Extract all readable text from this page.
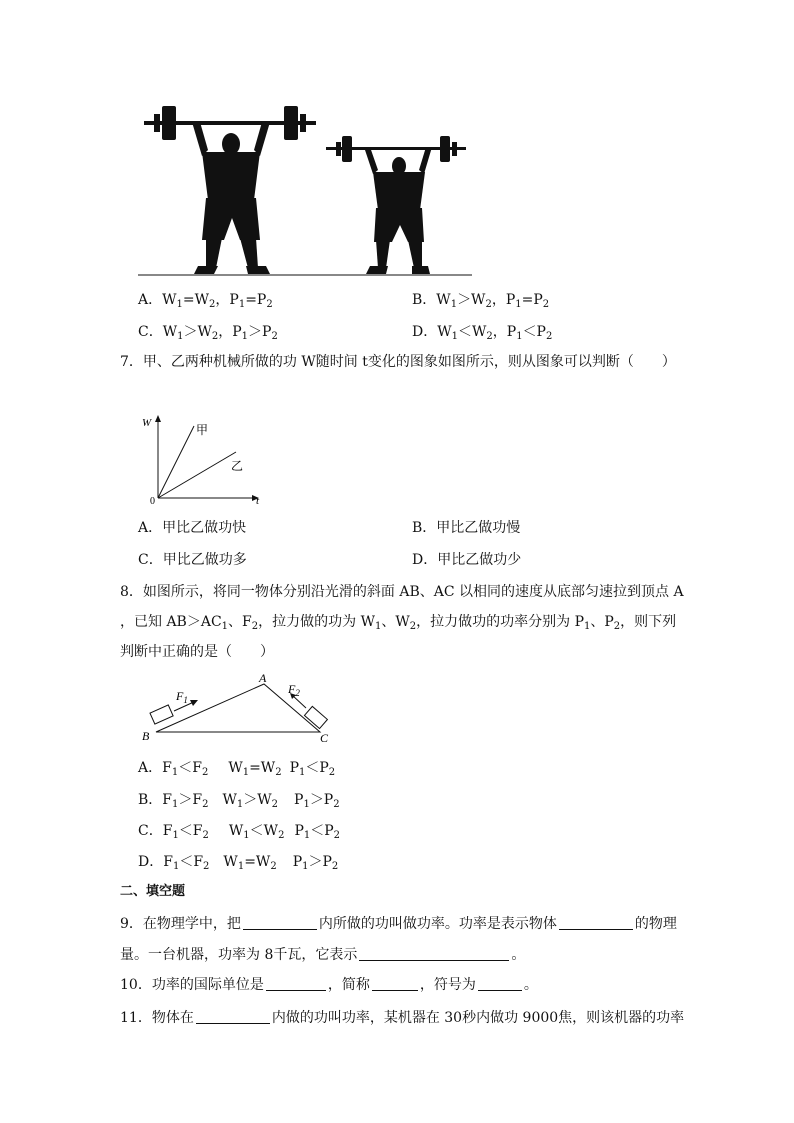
A．$W_1=W_2$，$P_1=P_2$	B．$W_1>W_2$，$P_1=P_2$
C．$W_1>W_2$，$P_1>P_2$	D．$W_1<W_2$，$P_1<P_2$
7．甲、乙两种机械所做的功 W随时间 t变化的图象如图所示，则从图象可以判断（　　）
W
t
0
甲
乙
A．甲比乙做功快	B．甲比乙做功慢
C．甲比乙做功多	D．甲比乙做功少
8．如图所示，将同一物体分别沿光滑的斜面 AB、AC 以相同的速度从底部匀速拉到顶点 A
，已知 $AB>AC_1$、$F_2$，拉力做的功为 $W_1$、$W_2$，拉力做功的功率分别为 $P_1$、$P_2$，则下列
判断中正确的是（　　）
$F_1$
$F_2$
A
B	C
A．$F_1<F_2$ $W_1=W_2$ $P_1<P_2$
B．$F_1>F_2$ $W_1>W_2$ $P_1>P_2$
C．$F_1<F_2$ $W_1<W_2$ $P_1<P_2$
D．$F_1<F_2$ $W_1=W_2$ $P_1>P_2$
二、填空题
9．在物理学中，把	内所做的功叫做功率。功率是表示物体	的物理
量。一台机器，功率为 8千瓦，它表示	。
10．功率的国际单位是	，简称	，符号为	。
11．物体在	内做的功叫功率，某机器在 30秒内做功 9000焦，则该机器的功率
